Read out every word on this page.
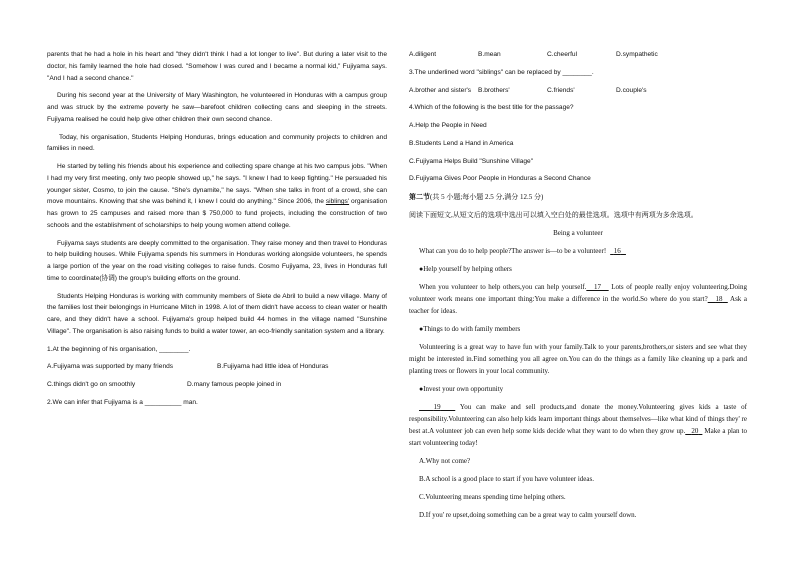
parents that he had a hole in his heart and "they didn't think I had a lot longer to live". But during a later visit to the doctor, his family learned the hole had closed. "Somehow I was cured and I became a normal kid," Fujiyama says. "And I had a second chance."

During his second year at the University of Mary Washington, he volunteered in Honduras with a campus group and was struck by the extreme poverty he saw—barefoot children collecting cans and sleeping in the streets. Fujiyama realised he could help give other children their own second chance.

Today, his organisation, Students Helping Honduras, brings education and community projects to children and families in need.

He started by telling his friends about his experience and collecting spare change at his two campus jobs. "When I had my very first meeting, only two people showed up," he says. "I knew I had to keep fighting." He persuaded his younger sister, Cosmo, to join the cause. "She's dynamite," he says. "When she talks in front of a crowd, she can move mountains. Knowing that she was behind it, I knew I could do anything." Since 2006, the siblings' organisation has grown to 25 campuses and raised more than $ 750,000 to fund projects, including the construction of two schools and the establishment of scholarships to help young women attend college.

Fujiyama says students are deeply committed to the organisation. They raise money and then travel to Honduras to help building houses. While Fujiyama spends his summers in Honduras working alongside volunteers, he spends a large portion of the year on the road visiting colleges to raise funds. Cosmo Fujiyama, 23, lives in Honduras full time to coordinate(协调) the group's building efforts on the ground.

Students Helping Honduras is working with community members of Siete de Abril to build a new village. Many of the families lost their belongings in Hurricane Mitch in 1998. A lot of them didn't have access to clean water or health care, and they didn't have a school. Fujiyama's group helped build 44 homes in the village named "Sunshine Village". The organisation is also raising funds to build a water tower, an eco-friendly sanitation system and a library.

1.At the beginning of his organisation, ________.

A.Fujiyama was supported by many friends	B.Fujiyama had little idea of Honduras
C.things didn't go on smoothly	D.many famous people joined in

2.We can infer that Fujiyama is a __________ man.

A.diligent	B.mean	C.cheerful	D.sympathetic

3.The underlined word "siblings" can be replaced by ________.

A.brother and sister's	B.brothers'	C.friends'	D.couple's

4.Which of the following is the best title for the passage?

A.Help the People in Need

B.Students Lend a Hand in America

C.Fujiyama Helps Build "Sunshine Village"

D.Fujiyama Gives Poor People in Honduras a Second Chance

第二节(共 5 小题;每小题 2.5 分,满分 12.5 分)

阅读下面短文,从短文后的选项中选出可以填入空白处的最佳选项。选项中有两项为多余选项。

Being a volunteer

What can you do to help people?The answer is—to be a volunteer! 16

●Help yourself by helping others

When you volunteer to help others,you can help yourself. 17    Lots of people really enjoy volunteering.Doing volunteer work means one important thing:You make a difference in the world.So where do you start? 18   Ask a teacher for ideas.

●Things to do with family members

Volunteering is a great way to have fun with your family.Talk to your parents,brothers,or sisters and see what they might be interested in.Find something you all agree on.You can do the things as a family like cleaning up a park and planting trees or flowers in your local community.

●Invest your own opportunity

19    You can make and sell products,and donate the money.Volunteering gives kids a taste of responsibility.Volunteering can also help kids learn important things about themselves—like what kind of things they' re best at.A volunteer job can even help some kids decide what they want to do when they grow up. 20   Make a plan to start volunteering today!

A.Why not come?

B.A school is a good place to start if you have volunteer ideas.

C.Volunteering means spending time helping others.

D.If you' re upset,doing something can be a great way to calm yourself down.
